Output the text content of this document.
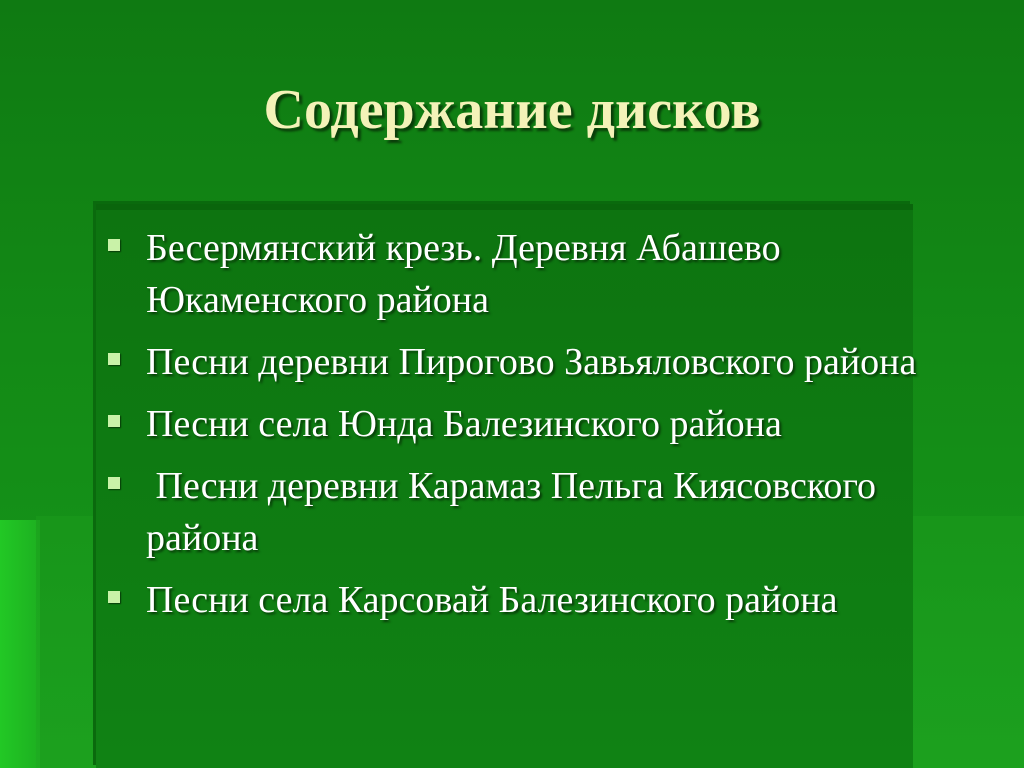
Содержание дисков
Бесермянский крезь. Деревня Абашево Юкаменского района
Песни деревни Пирогово Завьяловского района
Песни села Юнда Балезинского района
Песни деревни Карамаз Пельга Киясовского района
Песни села Карсовай Балезинского района
